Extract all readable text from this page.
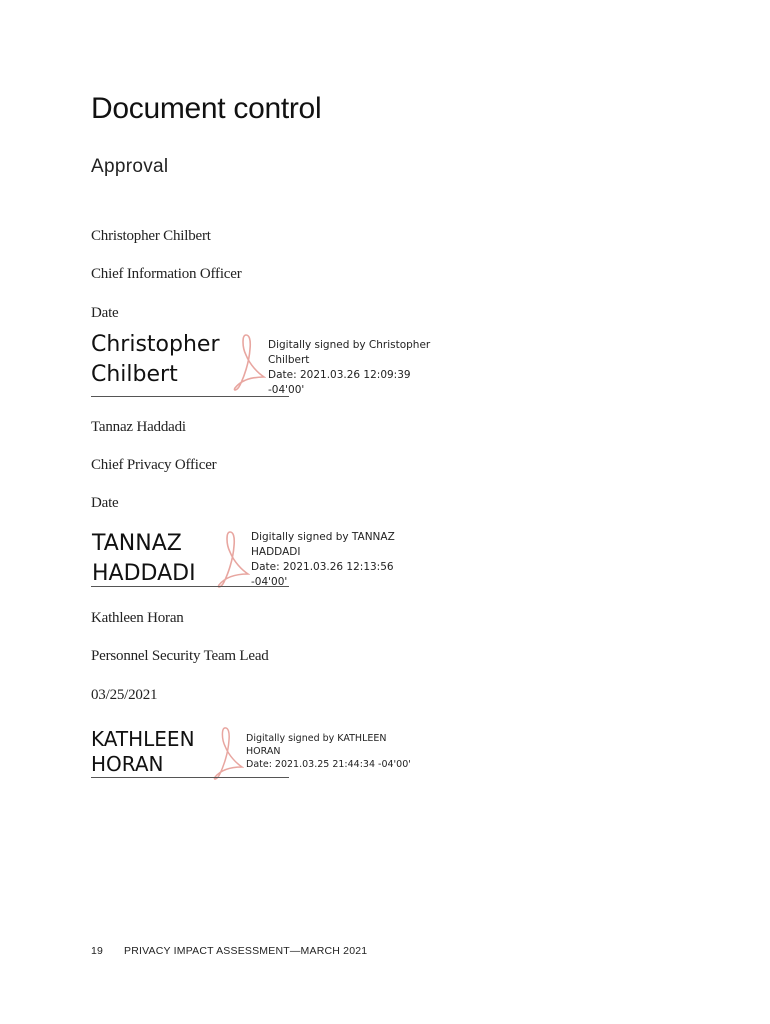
Document control
Approval
Christopher Chilbert
Chief Information Officer
Date
Christopher
Chilbert
Digitally signed by Christopher
Chilbert
Date: 2021.03.26 12:09:39 -04'00'
Tannaz Haddadi
Chief Privacy Officer
Date
TANNAZ
HADDADI
Digitally signed by TANNAZ
HADDADI
Date: 2021.03.26 12:13:56
-04'00'
Kathleen Horan
Personnel Security Team Lead
03/25/2021
KATHLEEN
HORAN
Digitally signed by KATHLEEN
HORAN
Date: 2021.03.25 21:44:34 -04'00'
19 PRIVACY IMPACT ASSESSMENT—MARCH 2021
